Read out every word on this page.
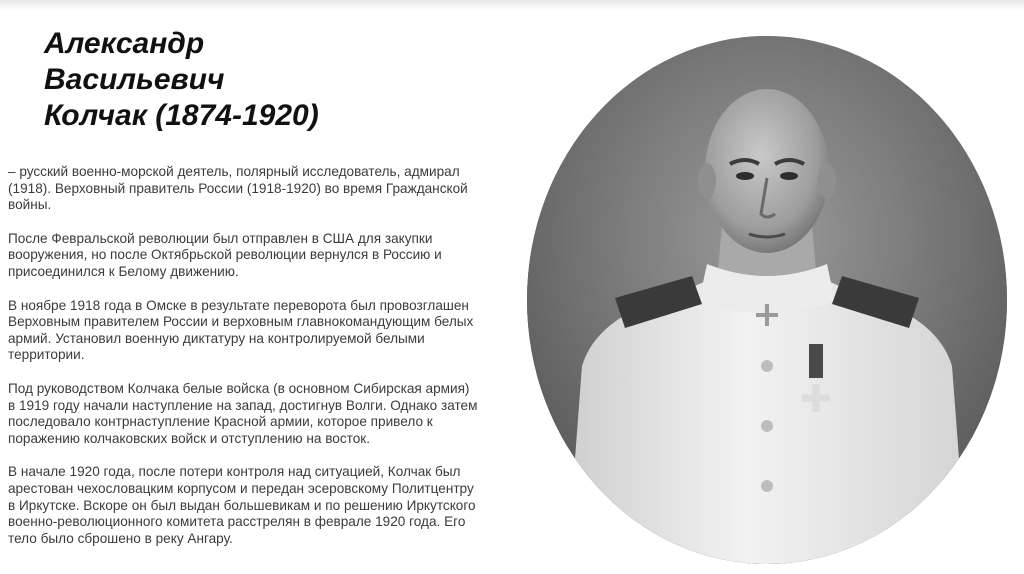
Александр
Васильевич
Колчак (1874-1920)

– русский военно-морской деятель, полярный исследователь, адмирал (1918). Верховный правитель России (1918-1920) во время Гражданской войны.

После Февральской революции был отправлен в США для закупки вооружения, но после Октябрьской революции вернулся в Россию и присоединился к Белому движению.

В ноябре 1918 года в Омске в результате переворота был провозглашен Верховным правителем России и верховным главнокомандующим белых армий. Установил военную диктатуру на контролируемой белыми территории.

Под руководством Колчака белые войска (в основном Сибирская армия) в 1919 году начали наступление на запад, достигнув Волги. Однако затем последовало контрнаступление Красной армии, которое привело к поражению колчаковских войск и отступлению на восток.

В начале 1920 года, после потери контроля над ситуацией, Колчак был арестован чехословацким корпусом и передан эсеровскому Политцентру в Иркутске. Вскоре он был выдан большевикам и по решению Иркутского военно-революционного комитета расстрелян в феврале 1920 года. Его тело было сброшено в реку Ангару.
